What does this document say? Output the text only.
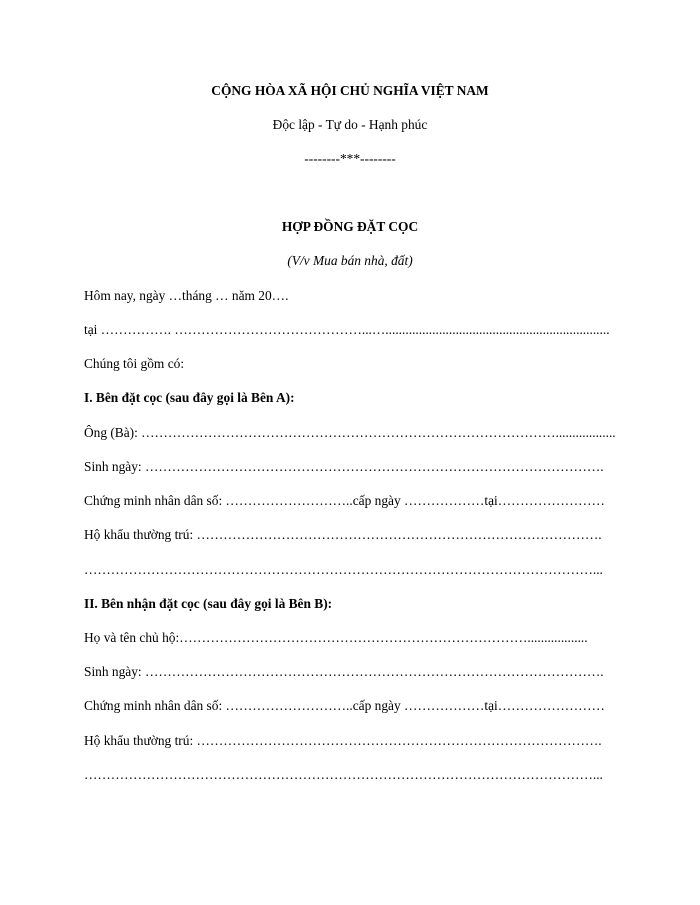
CỘNG HÒA XÃ HỘI CHỦ NGHĨA VIỆT NAM
Độc lập - Tự do - Hạnh phúc
--------***--------
HỢP ĐỒNG ĐẶT CỌC
(V/v Mua bán nhà, đất)
Hôm nay, ngày …tháng … năm 20….
tại ……………. ……………………………………...…...................................................................
Chúng tôi gồm có:
I. Bên đặt cọc (sau đây gọi là Bên A):
Ông (Bà): …………………………………………………………………………………..................
Sinh ngày: ………………………………………………………………………………………….
Chứng minh nhân dân số: ………………………..cấp ngày ………………tại……………………
Hộ khẩu thường trú: ……………………………………………………………………………….
……………………………………………………………………………………………………...
II. Bên nhận đặt cọc (sau đây gọi là Bên B):
Họ và tên chủ hộ:……………………………………………………………………..................
Sinh ngày: ………………………………………………………………………………………….
Chứng minh nhân dân số: ………………………..cấp ngày ………………tại……………………
Hộ khẩu thường trú: ……………………………………………………………………………….
……………………………………………………………………………………………………...
